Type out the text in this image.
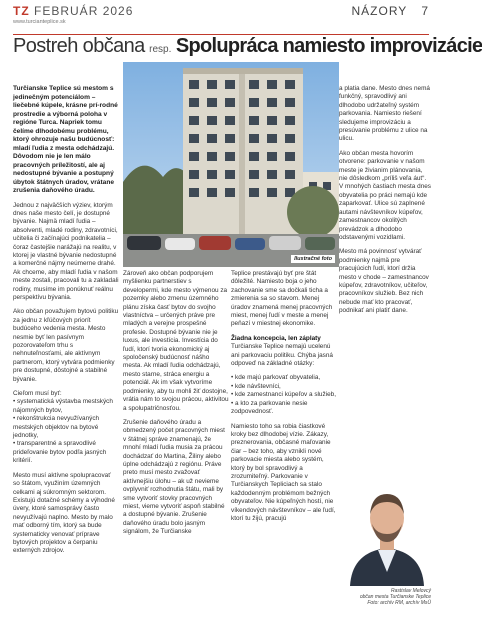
TZ FEBRUÁR 2026
www.turcianteplice.sk
NÁZORY 7
Postreh občana resp. Spolupráca namiesto improvizácie

Turčianske Teplice sú mestom s jedinečným potenciálom – liečebné kúpele, krásne prí-rodné prostredie a výborná poloha v regióne Turca. Napriek tomu čelíme dlhodobému problému, ktorý ohrozuje našu budúcnosť: mladí ľudia z mesta odchádzajú. Dôvodom nie je len málo pracovných príležitostí, ale aj nedostupné bývanie a postupný úbytok štátnych úradov, vrátane zrušenia daňového úradu.

Jednou z najväčších výziev, ktorým dnes naše mesto čelí, je dostupné bývanie. Najmä mladí ľudia – absolventi, mladé rodiny, zdravotníci, učitelia či začínajúci podnikatelia – čoraz častejšie narážajú na realitu, v ktorej je vlastné bývanie nedostupné a komerčné nájmy neúmerne drahé. Ak chceme, aby mladí ľudia v našom meste zostali, pracovali tu a zakladali rodiny, musíme im ponúknuť reálnu perspektívu bývania.

Ako občan považujem bytovú politiku za jednu z kľúčových priorít budúceho vedenia mesta. Mesto nesmie byť len pasívnym pozorovateľom trhu s nehnuteľnosťami, ale aktívnym partnerom, ktorý vytvára podmienky pre dostupné, dôstojné a stabilné bývanie.

Cieľom musí byť:
• systematická výstavba mestských nájomných bytov,
• rekonštrukcia nevyužívaných mestských objektov na bytové jednotky,
• transparentné a spravodlivé prideľovanie bytov podľa jasných kritérií.

Mesto musí aktívne spolupracovať so štátom, využiním územných celkami aj súkromným sektorom. Existujú dotačné schémy a výhodné úvery, ktoré samosprávy často nevyužívajú naplno. Mesto by malo mať odborný tím, ktorý sa bude systematicky venovať príprave bytových projektov a čerpaniu externých zdrojov.

Ilustračné foto

Zároveň ako občan podporujem myšlienku partnerstiev s developermi, kde mesto výmenou za pozemky alebo zmenu územného plánu získa časť bytov do svojho vlastníctva – určených práve pre mladých a verejne prospešné profesie. Dostupné bývanie nie je luxus, ale investícia. Investícia do ľudí, ktorí tvoria ekonomický aj spoločenský budúcnosť nášho mesta. Ak mladí ľudia odchádzajú, mesto starne, stráca energiu a potenciál. Ak im však vytvoríme podmienky, aby tu mohli žiť dostojne, vrátia nám to svojou prácou, aktivitou a spolupatričnosťou.

Zrušenie daňového úradu a obmedzený počet pracovných miest v štátnej správe znamenajú, že mnohí mladí ľudia musia za prácou dochádzať do Martina, Žiliny alebo úplne odchádzajú z regiónu. Práve preto musí mesto zvažovať aktívnejšiu úlohu – ak už nevieme ovplyvniť rozhodnutia štátu, mali by sme vytvoriť stovky pracovných miest, vieme vytvoriť aspoň stabilné a dostupné bývanie. Zrušenie daňového úradu bolo jasným signálom, že Turčianske

Teplice prestávajú byť pre štát dôležité. Namiesto boja o jeho zachovanie sme sa dočkali ticha a zmierenia sa so stavom. Menej úradov znamená menej pracovných miest, menej ľudí v meste a menej peňazí v miestnej ekonomike.

Žiadna koncepcia, len záplaty

Turčianske Teplice nemajú ucelenú ani parkovaciu politiku. Chýba jasná odpoveď na základné otázky:

• kde majú parkovať obyvatelia,
• kde návštevníci,
• kde zamestnanci kúpeľov a služieb,
• a kto za parkovanie nesie zodpovednosť.

Namiesto toho sa robia čiastkové kroky bez dlhodobej vízie. Zákazy, preznerovania, občasné maľovanie čiar – bez toho, aby vznikli nové parkovacie miesta alebo systém, ktorý by bol spravodlivý a zrozumiteľný. Parkovanie v Turčianskych Tepliciach sa stalo každodenným problémom bežných obyvateľov. Nie kúpeľných hostí, nie víkendových návštevníkov – ale ľudí, ktorí tu žijú, pracujú

a platia dane. Mesto dnes nemá funkčný, spravodlivý ani dlhodobo udržateľný systém parkovania. Namiesto riešení sledujeme improvizáciu a presúvanie problému z ulice na ulicu.

Ako občan mesta hovorím otvorene: parkovanie v našom meste je živianim plánovania, nie dôsledkom „príliš veľa áut“. V mnohých častiach mesta dnes obyvatelia po práci nemajú kde zaparkovať. Ulice sú zaplnené autami návštevníkov kúpeľov, zamestnancov okolitých prevádzok a dlhodobo odstavenými vozidlami.

Mesto má povinnosť vytvárať podmienky najmä pre pracujúcich ľudí, ktorí držia mesto v chode – zamestnancov kúpeľov, zdravotníkov, učiteľov, pracovníkov služieb. Bez nich nebude mať kto pracovať, podnikať ani platiť dane.

Rastislav Melovcý
občan mesta Turčianske Teplice
Foto: archív RM, archív MsÚ
